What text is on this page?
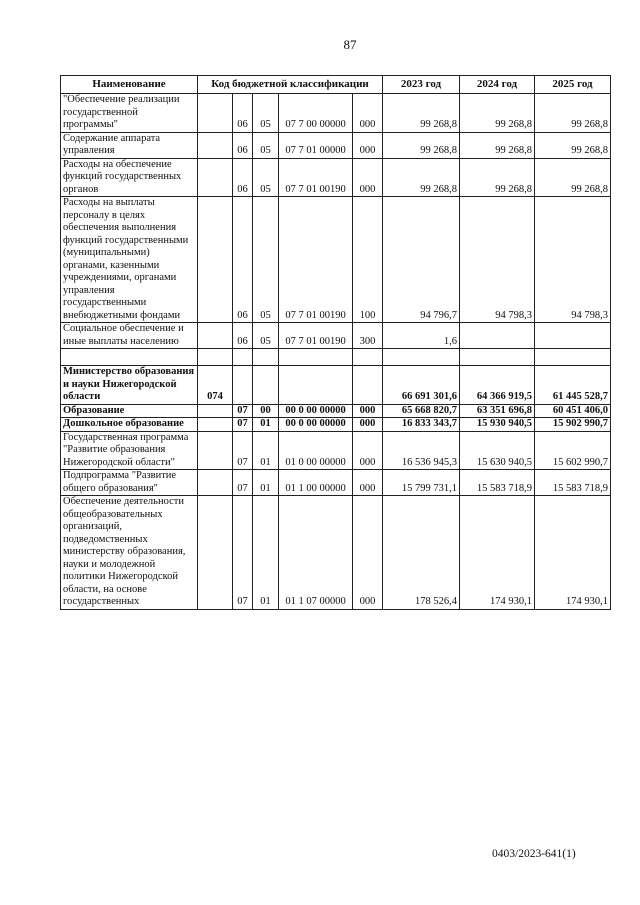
87
Наименование	Код бюджетной классификации					2023 год	2024 год	2025 год
"Обеспечение реализации государственной программы"		06	05	07 7 00 00000	000	99 268,8	99 268,8	99 268,8
Содержание аппарата управления		06	05	07 7 01 00000	000	99 268,8	99 268,8	99 268,8
Расходы на обеспечение функций государственных органов		06	05	07 7 01 00190	000	99 268,8	99 268,8	99 268,8
Расходы на выплаты персоналу в целях обеспечения выполнения функций государственными (муниципальными) органами, казенными учреждениями, органами управления государственными внебюджетными фондами		06	05	07 7 01 00190	100	94 796,7	94 798,3	94 798,3
Социальное обеспечение и иные выплаты населению		06	05	07 7 01 00190	300	1,6		

Министерство образования и науки Нижегородской области	074					66 691 301,6	64 366 919,5	61 445 528,7
Образование		07	00	00 0 00 00000	000	65 668 820,7	63 351 696,8	60 451 406,0
Дошкольное образование		07	01	00 0 00 00000	000	16 833 343,7	15 930 940,5	15 902 990,7
Государственная программа "Развитие образования Нижегородской области"		07	01	01 0 00 00000	000	16 536 945,3	15 630 940,5	15 602 990,7
Подпрограмма "Развитие общего образования"		07	01	01 1 00 00000	000	15 799 731,1	15 583 718,9	15 583 718,9
Обеспечение деятельности общеобразовательных организаций, подведомственных министерству образования, науки и молодежной политики Нижегородской области, на основе государственных		07	01	01 1 07 00000	000	178 526,4	174 930,1	174 930,1
0403/2023-641(1)
